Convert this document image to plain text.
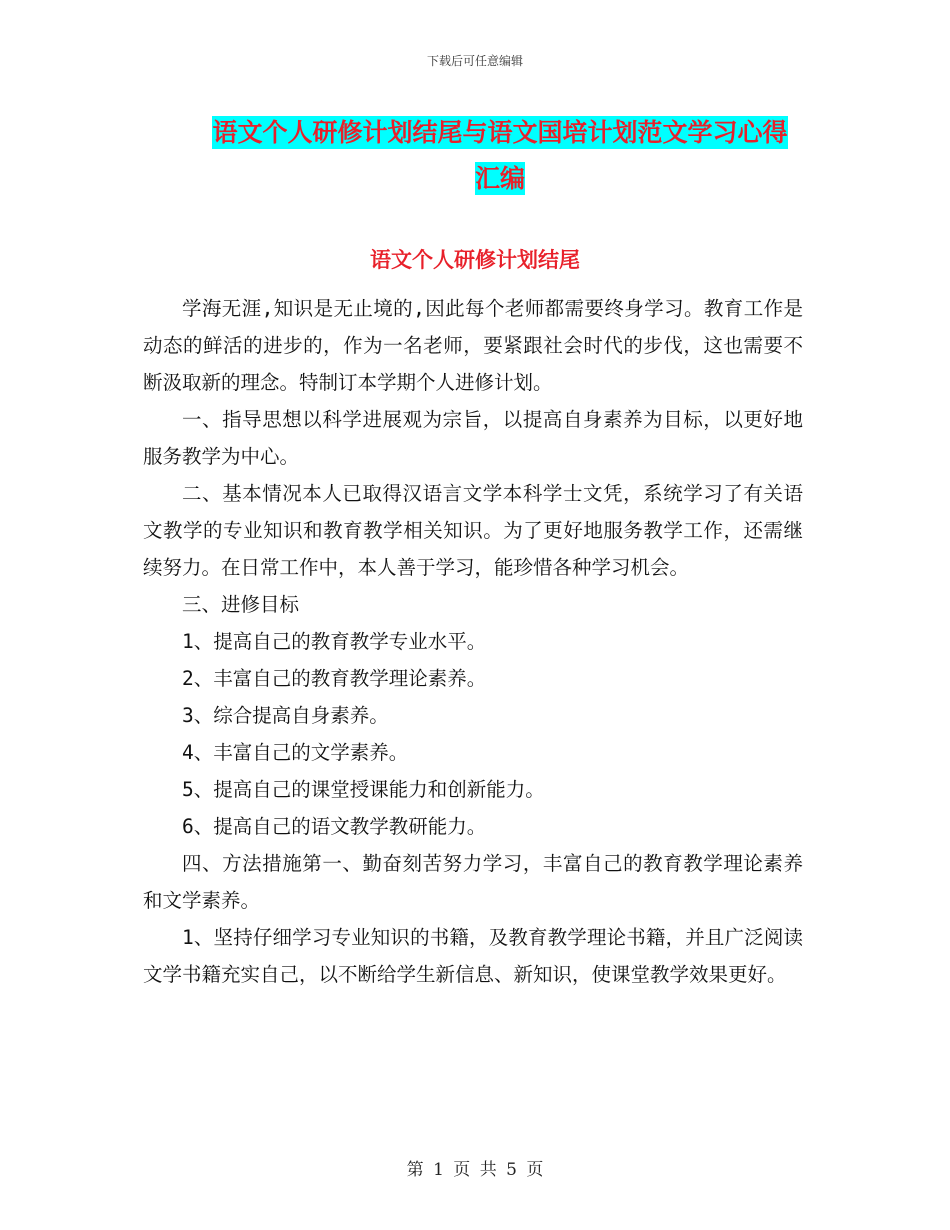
下载后可任意编辑
语文个人研修计划结尾与语文国培计划范文学习心得
汇编
语文个人研修计划结尾

学海无涯,知识是无止境的,因此每个老师都需要终身学习。教育工作是动态的鲜活的进步的，作为一名老师，要紧跟社会时代的步伐，这也需要不断汲取新的理念。特制订本学期个人进修计划。

一、指导思想以科学进展观为宗旨，以提高自身素养为目标，以更好地服务教学为中心。

二、基本情况本人已取得汉语言文学本科学士文凭，系统学习了有关语文教学的专业知识和教育教学相关知识。为了更好地服务教学工作，还需继续努力。在日常工作中，本人善于学习，能珍惜各种学习机会。

三、进修目标

1、提高自己的教育教学专业水平。

2、丰富自己的教育教学理论素养。

3、综合提高自身素养。

4、丰富自己的文学素养。

5、提高自己的课堂授课能力和创新能力。

6、提高自己的语文教学教研能力。

四、方法措施第一、勤奋刻苦努力学习，丰富自己的教育教学理论素养和文学素养。

1、坚持仔细学习专业知识的书籍，及教育教学理论书籍，并且广泛阅读文学书籍充实自己，以不断给学生新信息、新知识，使课堂教学效果更好。

第 1 页 共 5 页
